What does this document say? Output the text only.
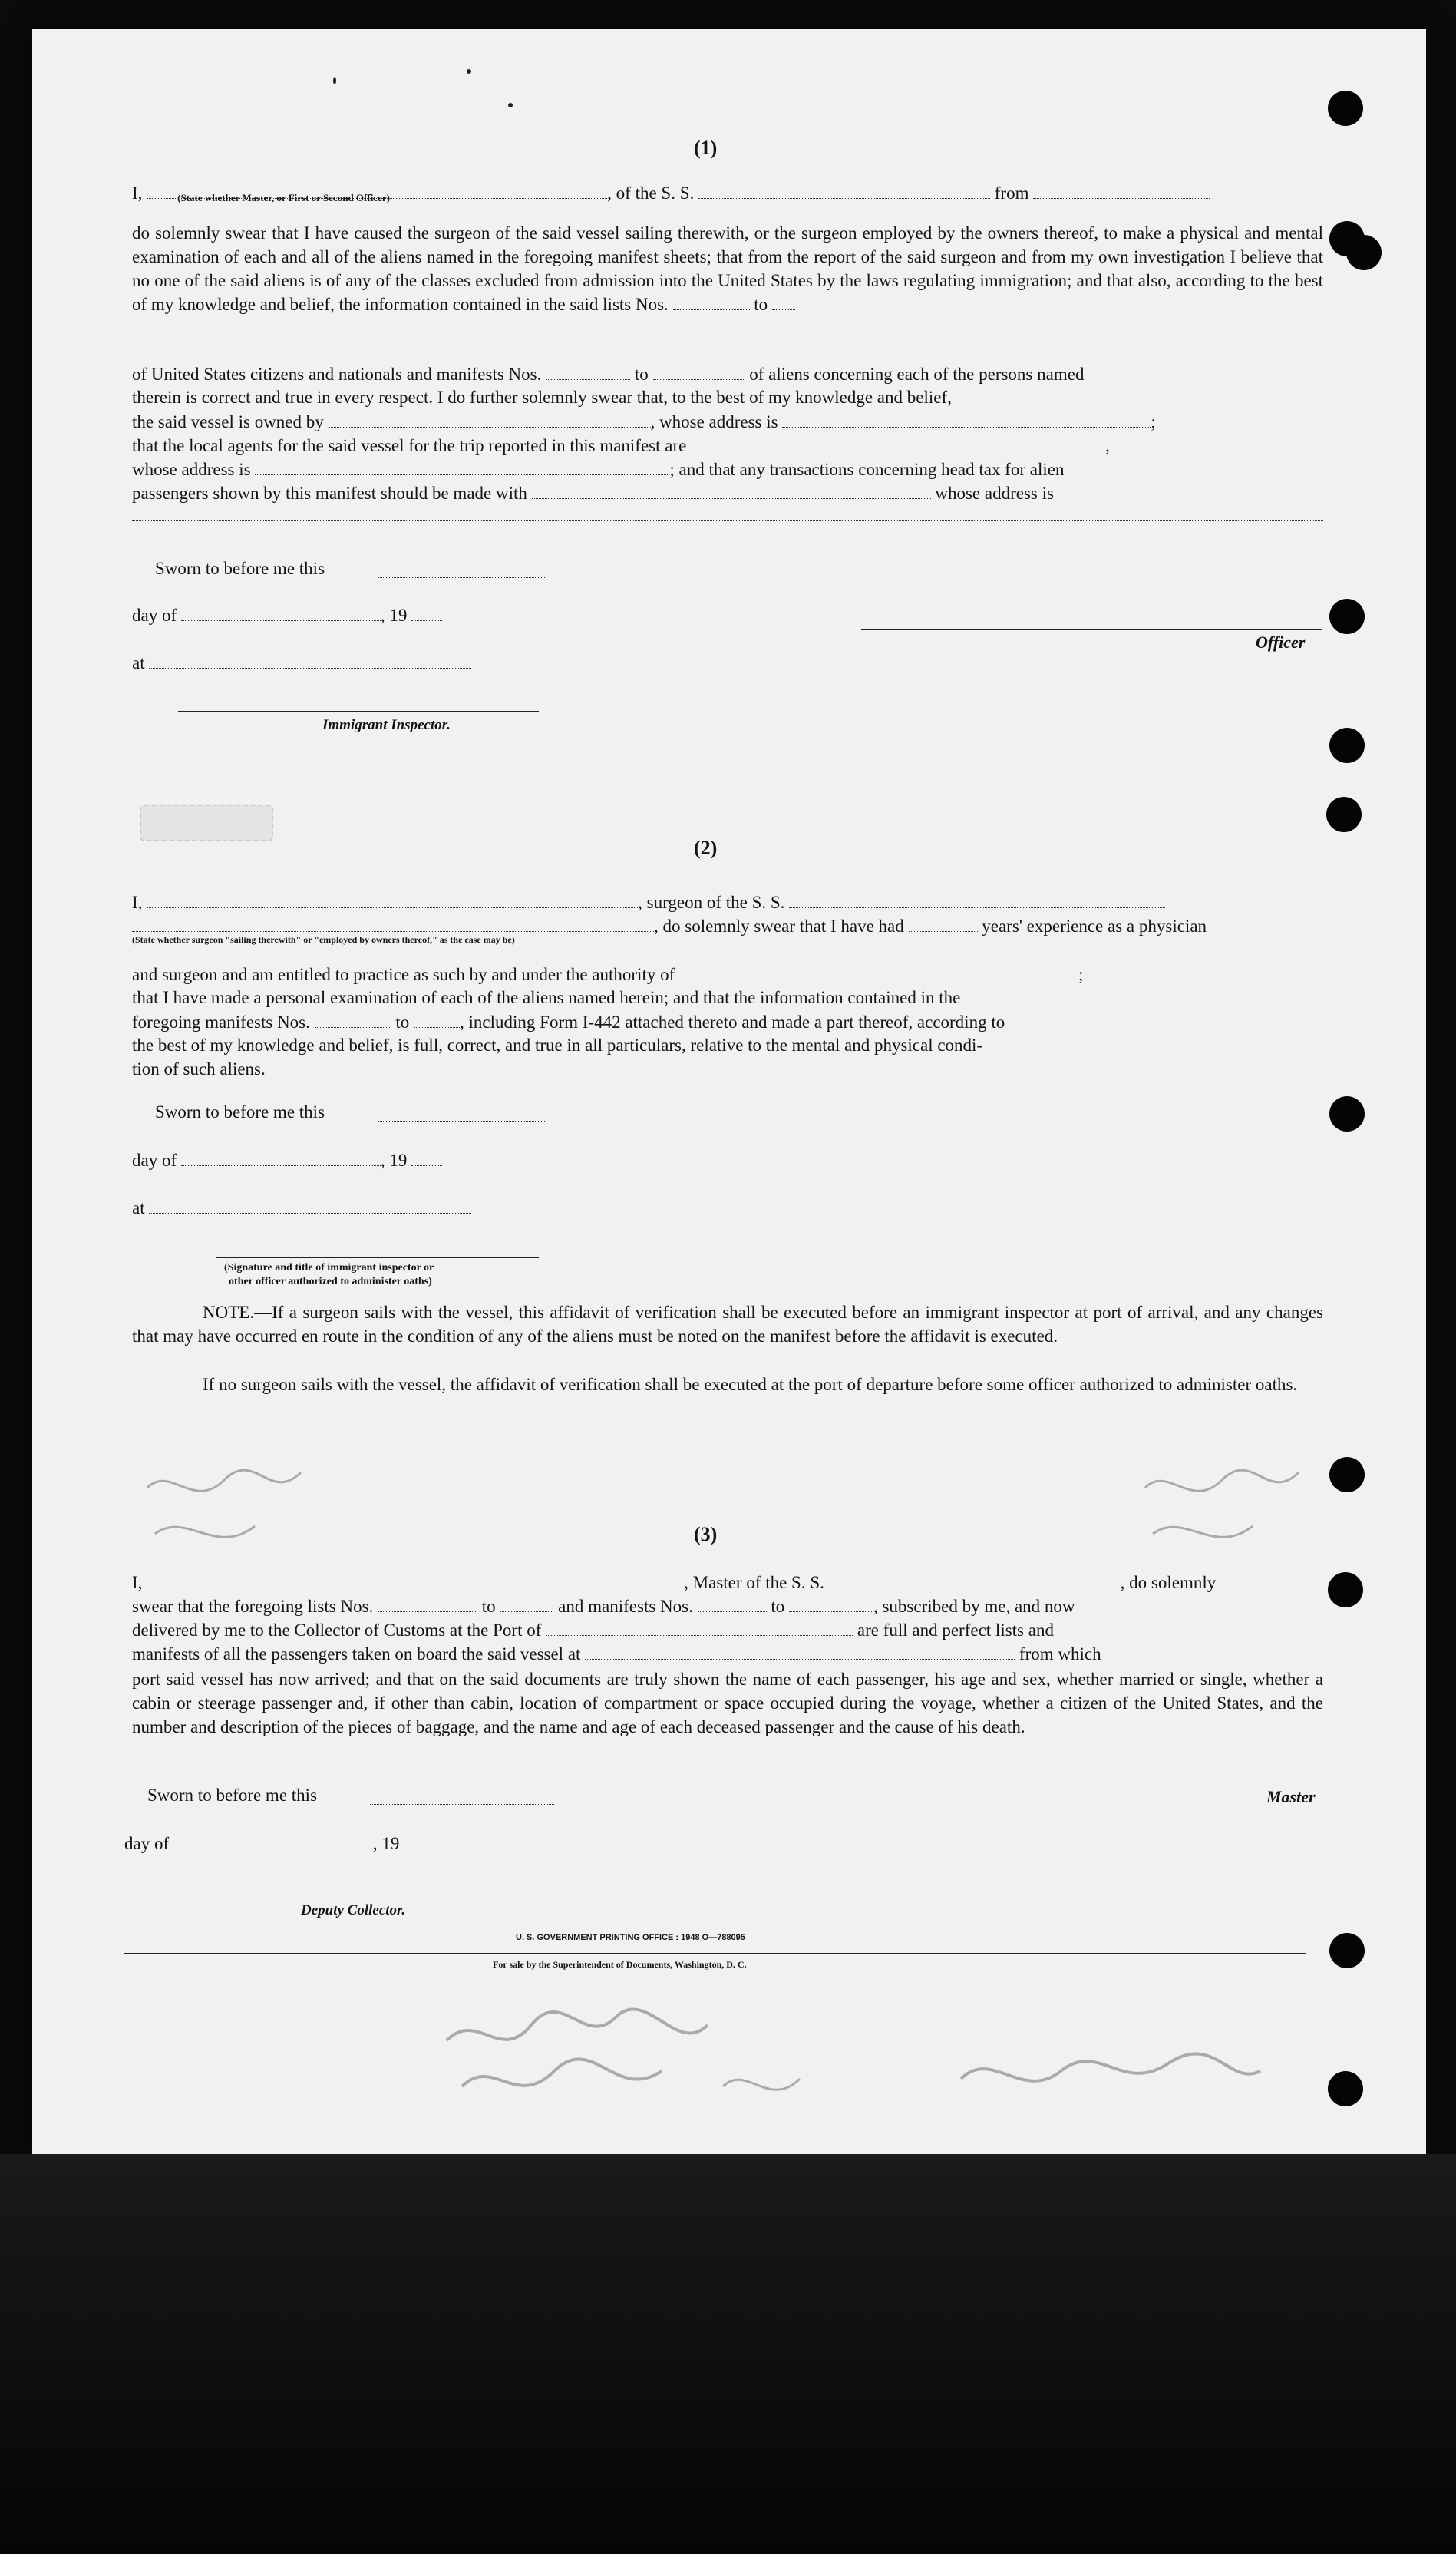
(1)
I,	(State whether Master, or First or Second Officer)	, of the S. S.	from
do solemnly swear that I have caused the surgeon of the said vessel sailing therewith, or the surgeon employed by the owners thereof, to make a physical and mental examination of each and all of the aliens named in the foregoing manifest sheets; that from the report of the said surgeon and from my own investigation I believe that no one of the said aliens is of any of the classes excluded from admission into the United States by the laws regulating immigration; and that also, according to the best of my knowledge and belief, the information contained in the said lists Nos.	to
of United States citizens and nationals and manifests Nos.	to	of aliens concerning each of the persons named
therein is correct and true in every respect. I do further solemnly swear that, to the best of my knowledge and belief,
the said vessel is owned by	, whose address is	;
that the local agents for the said vessel for the trip reported in this manifest are	,
whose address is	; and that any transactions concerning head tax for alien
passengers shown by this manifest should be made with	whose address is
Sworn to before me this
day of	, 19
at
Officer
Immigrant Inspector.
(2)
I,	, surgeon of the S. S.
(State whether surgeon "sailing therewith" or "employed by owners thereof," as the case may be)
, do solemnly swear that I have had	years' experience as a physician
and surgeon and am entitled to practice as such by and under the authority of	;
that I have made a personal examination of each of the aliens named herein; and that the information contained in the
foregoing manifests Nos.	to	, including Form I-442 attached thereto and made a part thereof, according to
the best of my knowledge and belief, is full, correct, and true in all particulars, relative to the mental and physical condi-
tion of such aliens.
Sworn to before me this
day of	, 19
at
(Signature and title of immigrant inspector or
other officer authorized to administer oaths)
NOTE.—If a surgeon sails with the vessel, this affidavit of verification shall be executed before an immigrant inspector at port of arrival, and any changes that may have occurred en route in the condition of any of the aliens must be noted on the manifest before the affidavit is executed.
If no surgeon sails with the vessel, the affidavit of verification shall be executed at the port of departure before some officer authorized to administer oaths.
(3)
I,	, Master of the S. S.	, do solemnly
swear that the foregoing lists Nos.	to	and manifests Nos.	to	, subscribed by me, and now
delivered by me to the Collector of Customs at the Port of	are full and perfect lists and
manifests of all the passengers taken on board the said vessel at	from which
port said vessel has now arrived; and that on the said documents are truly shown the name of each passenger, his age and sex, whether married or single, whether a cabin or steerage passenger and, if other than cabin, location of compartment or space occupied during the voyage, whether a citizen of the United States, and the number and description of the pieces of baggage, and the name and age of each deceased passenger and the cause of his death.
Sworn to before me this	Master
day of	, 19
Deputy Collector.
U. S. GOVERNMENT PRINTING OFFICE : 1948 O—788095
For sale by the Superintendent of Documents, Washington, D. C.
